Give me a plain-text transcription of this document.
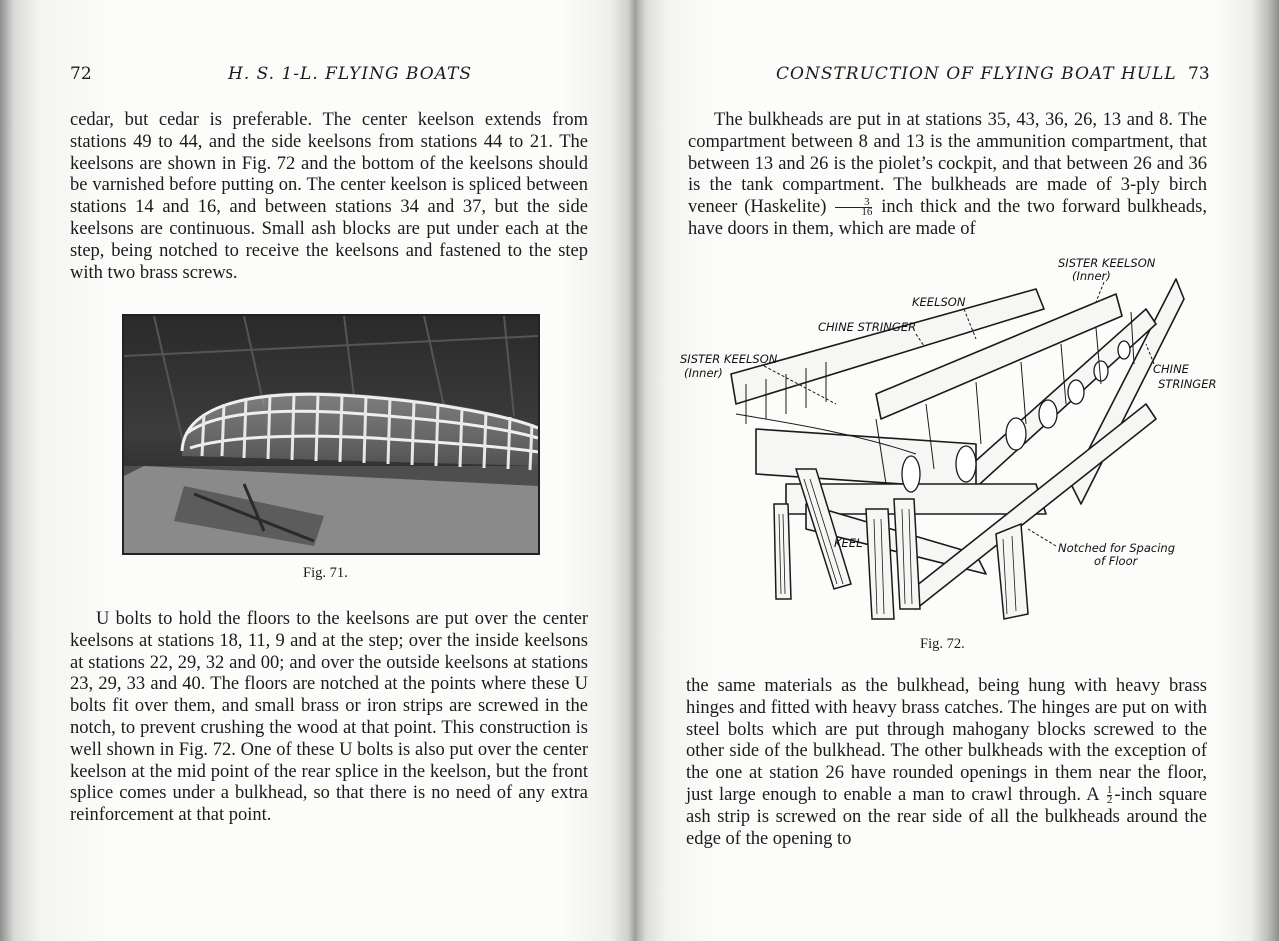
72	H. S. 1-L. FLYING BOATS

cedar, but cedar is preferable. The center keelson extends from stations 49 to 44, and the side keelsons from stations 44 to 21. The keelsons are shown in Fig. 72 and the bottom of the keelsons should be varnished before putting on. The center keelson is spliced between stations 14 and 16, and between stations 34 and 37, but the side keelsons are continuous. Small ash blocks are put under each at the step, being notched to receive the keelsons and fastened to the step with two brass screws.

Fig. 71.

U bolts to hold the floors to the keelsons are put over the center keelsons at stations 18, 11, 9 and at the step; over the inside keelsons at stations 22, 29, 32 and 00; and over the outside keelsons at stations 23, 29, 33 and 40. The floors are notched at the points where these U bolts fit over them, and small brass or iron strips are screwed in the notch, to prevent crushing the wood at that point. This construction is well shown in Fig. 72. One of these U bolts is also put over the center keelson at the mid point of the rear splice in the keelson, but the front splice comes under a bulkhead, so that there is no need of any extra reinforcement at that point.

CONSTRUCTION OF FLYING BOAT HULL 73

The bulkheads are put in at stations 35, 43, 36, 26, 13 and 8. The compartment between 8 and 13 is the ammunition compartment, that between 13 and 26 is the piolet’s cockpit, and that between 26 and 36 is the tank compartment. The bulkheads are made of 3-ply birch veneer (Haskelite) $\frac{3}{16}$ inch thick and the two forward bulkheads, have doors in them, which are made of

Fig. 72.

the same materials as the bulkhead, being hung with heavy brass hinges and fitted with heavy brass catches. The hinges are put on with steel bolts which are put through mahogany blocks screwed to the other side of the bulkhead. The other bulkheads with the exception of the one at station 26 have rounded openings in them near the floor, just large enough to enable a man to crawl through. A $\frac{1}{2}$ -inch square ash strip is screwed on the rear side of all the bulkheads around the edge of the opening to

SISTER KEELSON
(Inner)
KEELSON
CHINE STRINGER
SISTER KEELSON
(Inner)	CHINE
STRINGER
KEEL	Notched for Spacing
of Floor
